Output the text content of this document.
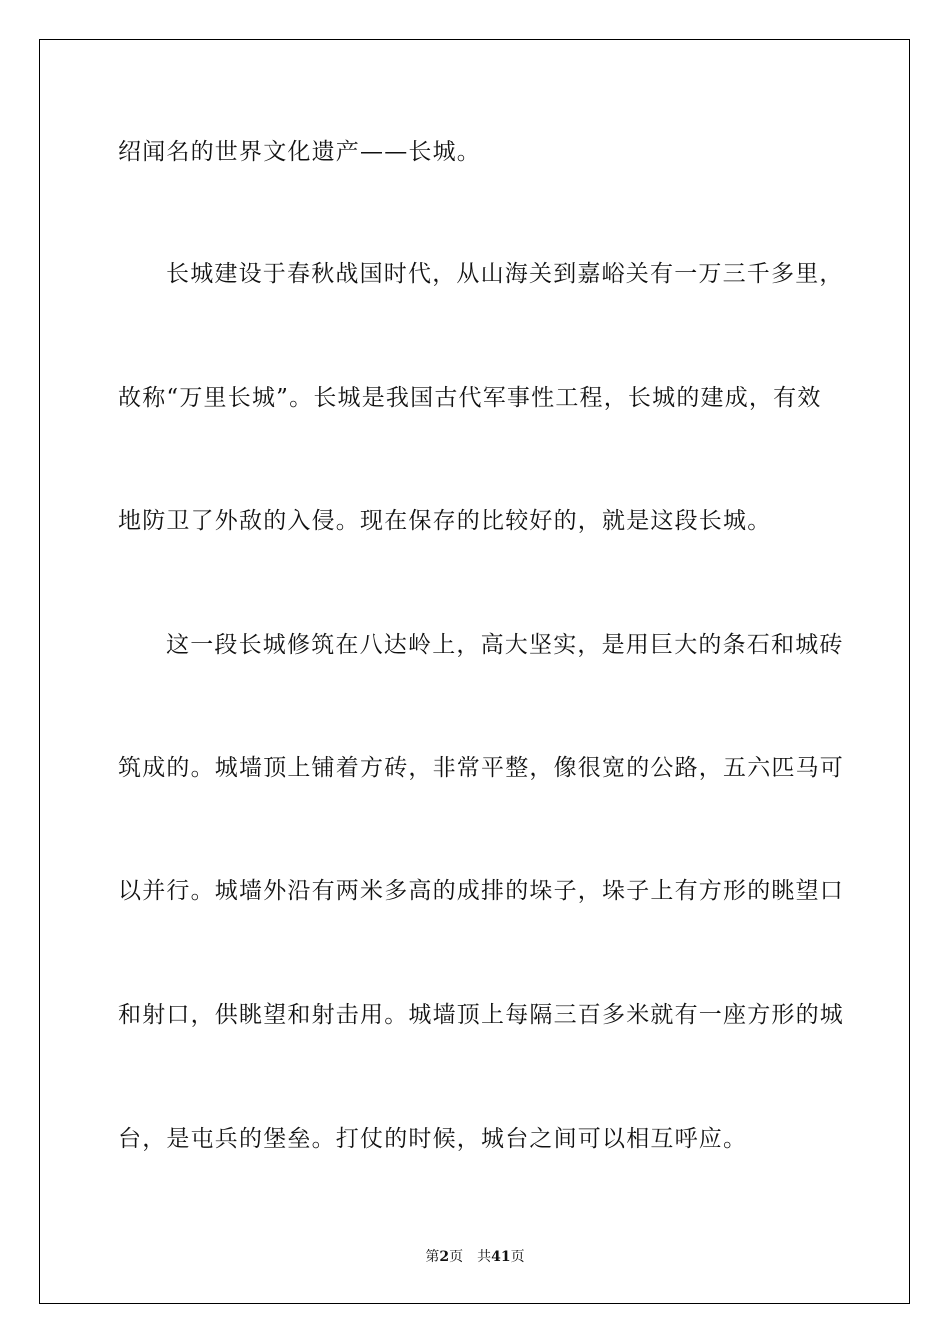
绍闻名的世界文化遗产——长城。
长城建设于春秋战国时代，从山海关到嘉峪关有一万三千多里，
故称“万里长城”。长城是我国古代军事性工程，长城的建成，有效
地防卫了外敌的入侵。现在保存的比较好的，就是这段长城。
这一段长城修筑在八达岭上，高大坚实，是用巨大的条石和城砖
筑成的。城墙顶上铺着方砖，非常平整，像很宽的公路，五六匹马可
以并行。城墙外沿有两米多高的成排的垛子，垛子上有方形的眺望口
和射口，供眺望和射击用。城墙顶上每隔三百多米就有一座方形的城
台，是屯兵的堡垒。打仗的时候，城台之间可以相互呼应。
第2页 共41页
